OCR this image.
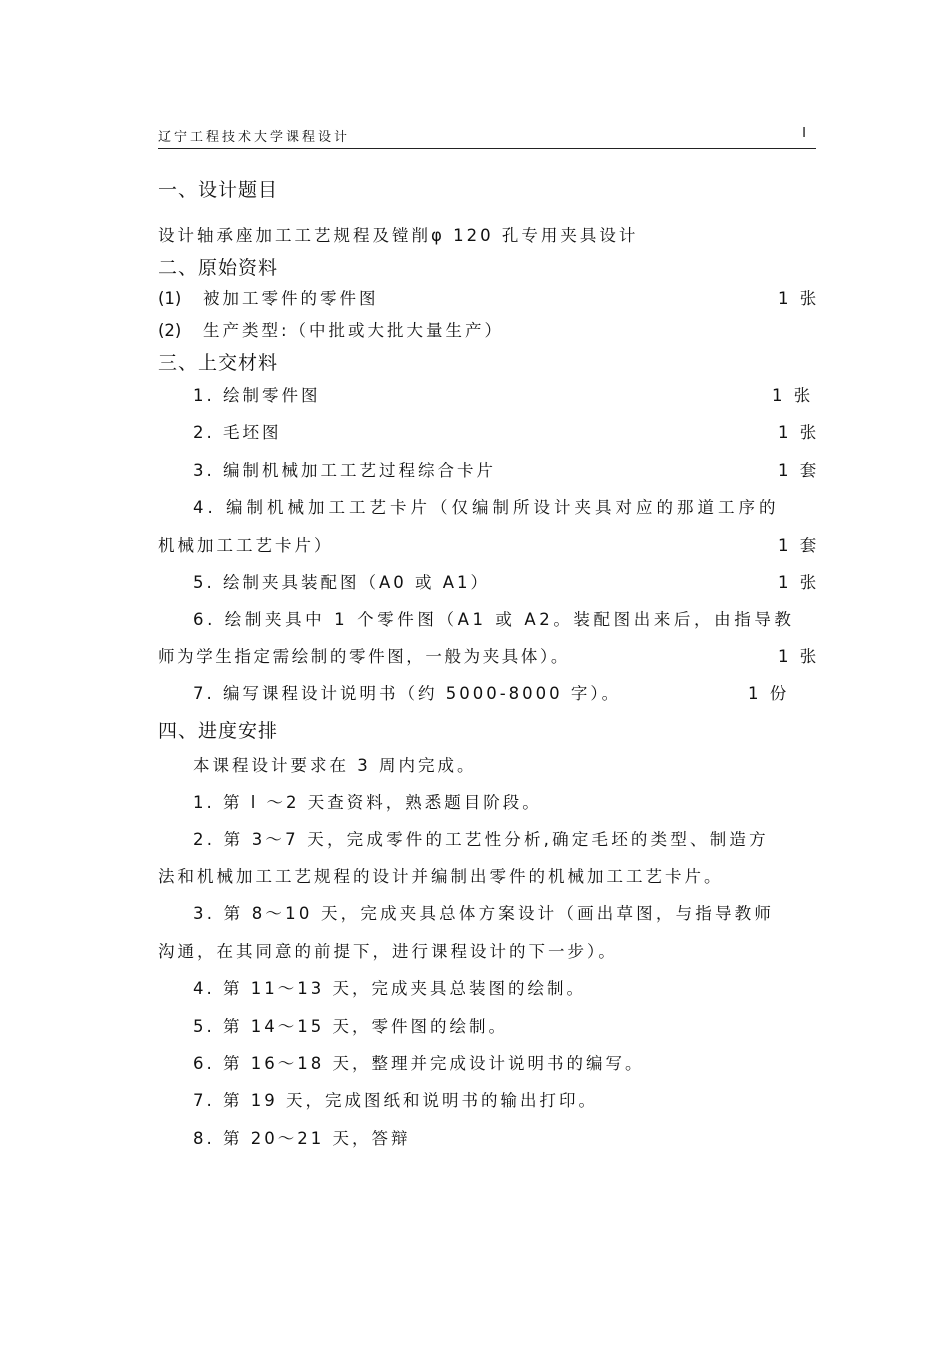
辽宁工程技术大学课程设计	I
一、设计题目
设计轴承座加工工艺规程及镗削φ 120 孔专用夹具设计
二、原始资料
(1) 被加工零件的零件图	1 张
(2) 生产类型:（中批或大批大量生产）
三、上交材料
1. 绘制零件图	1 张
2. 毛坯图	1 张
3. 编制机械加工工艺过程综合卡片	1 套
4. 编制机械加工工艺卡片（仅编制所设计夹具对应的那道工序的
机械加工工艺卡片）	1 套
5. 绘制夹具装配图（A0 或 A1）	1 张
6. 绘制夹具中 1 个零件图（A1 或 A2。装配图出来后，由指导教
师为学生指定需绘制的零件图，一般为夹具体）。	1 张
7. 编写课程设计说明书（约 5000-8000 字）。	1 份
四、进度安排
本课程设计要求在 3 周内完成。
1. 第 l ～2 天查资料，熟悉题目阶段。
2. 第 3～7 天，完成零件的工艺性分析,确定毛坯的类型、制造方
法和机械加工工艺规程的设计并编制出零件的机械加工工艺卡片。
3. 第 8～10 天，完成夹具总体方案设计（画出草图，与指导教师
沟通，在其同意的前提下，进行课程设计的下一步）。
4. 第 11～13 天，完成夹具总装图的绘制。
5. 第 14～15 天，零件图的绘制。
6. 第 16～18 天，整理并完成设计说明书的编写。
7. 第 19 天，完成图纸和说明书的输出打印。
8. 第 20～21 天，答辩
